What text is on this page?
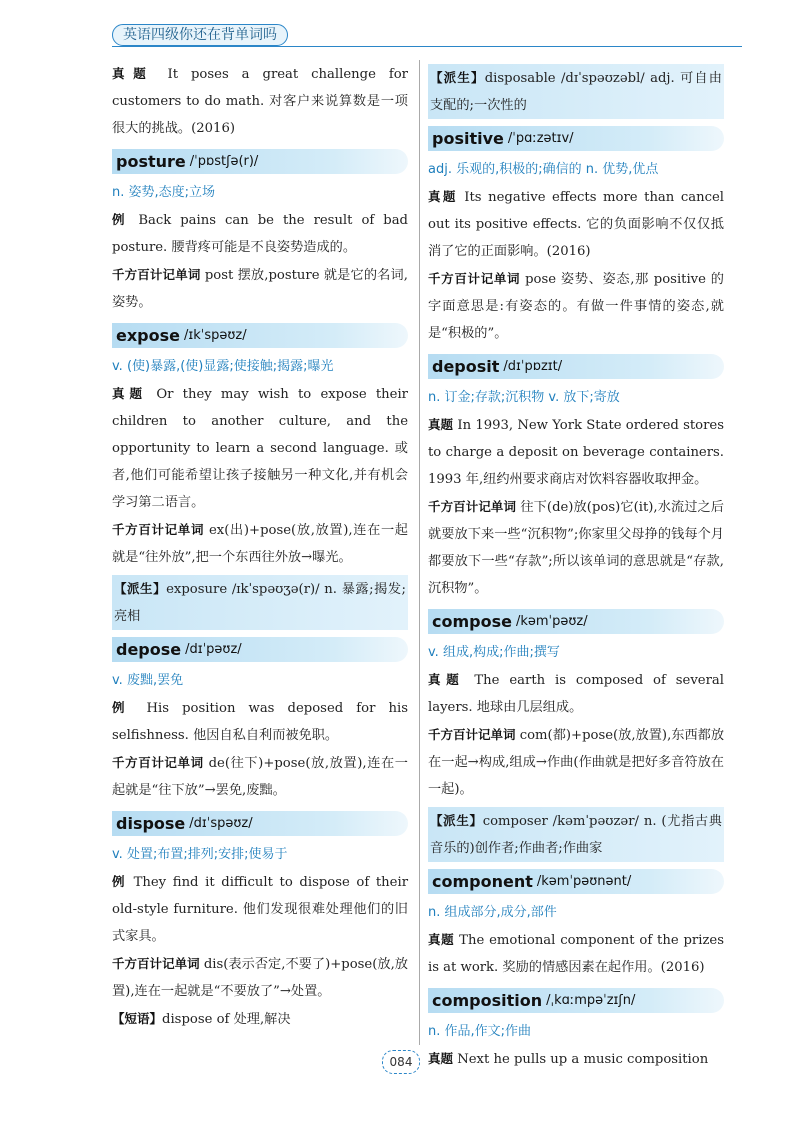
英语四级你还在背单词吗

真题 It poses a great challenge for customers to do math. 对客户来说算数是一项很大的挑战。(2016)

posture /ˈpɒstʃə(r)/

n. 姿势,态度;立场

例 Back pains can be the result of bad posture. 腰背疼可能是不良姿势造成的。

千方百计记单词 post 摆放,posture 就是它的名词,姿势。

expose /ɪkˈspəʊz/

v. (使)暴露,(使)显露;使接触;揭露;曝光

真题 Or they may wish to expose their children to another culture, and the opportunity to learn a second language. 或者,他们可能希望让孩子接触另一种文化,并有机会学习第二语言。

千方百计记单词 ex(出)+pose(放,放置),连在一起就是“往外放”,把一个东西往外放→曝光。

【派生】exposure /ɪkˈspəʊʒə(r)/ n. 暴露;揭发;亮相

depose /dɪˈpəʊz/

v. 废黜,罢免

例 His position was deposed for his selfishness. 他因自私自利而被免职。

千方百计记单词 de(往下)+pose(放,放置),连在一起就是“往下放”→罢免,废黜。

dispose /dɪˈspəʊz/

v. 处置;布置;排列;安排;使易于

例 They find it difficult to dispose of their old-style furniture. 他们发现很难处理他们的旧式家具。

千方百计记单词 dis(表示否定,不要了)+pose(放,放置),连在一起就是“不要放了”→处置。

【短语】dispose of 处理,解决

【派生】disposable /dɪˈspəʊzəbl/ adj. 可自由支配的;一次性的

positive /ˈpɑːzətɪv/

adj. 乐观的,积极的;确信的 n. 优势,优点

真题 Its negative effects more than cancel out its positive effects. 它的负面影响不仅仅抵消了它的正面影响。(2016)

千方百计记单词 pose 姿势、姿态,那 positive 的字面意思是:有姿态的。有做一件事情的姿态,就是“积极的”。

deposit /dɪˈpɒzɪt/

n. 订金;存款;沉积物 v. 放下;寄放

真题 In 1993, New York State ordered stores to charge a deposit on beverage containers. 1993 年,纽约州要求商店对饮料容器收取押金。

千方百计记单词 往下(de)放(pos)它(it),水流过之后就要放下来一些“沉积物”;你家里父母挣的钱每个月都要放下一些“存款”;所以该单词的意思就是“存款,沉积物”。

compose /kəmˈpəʊz/

v. 组成,构成;作曲;撰写

真题 The earth is composed of several layers. 地球由几层组成。

千方百计记单词 com(都)+pose(放,放置),东西都放在一起→构成,组成→作曲(作曲就是把好多音符放在一起)。

【派生】composer /kəmˈpəʊzər/ n. (尤指古典音乐的)创作者;作曲者;作曲家

component /kəmˈpəʊnənt/

n. 组成部分,成分,部件

真题 The emotional component of the prizes is at work. 奖励的情感因素在起作用。(2016)

composition /ˌkɑːmpəˈzɪʃn/

n. 作品,作文;作曲

真题 Next he pulls up a music composition

084
